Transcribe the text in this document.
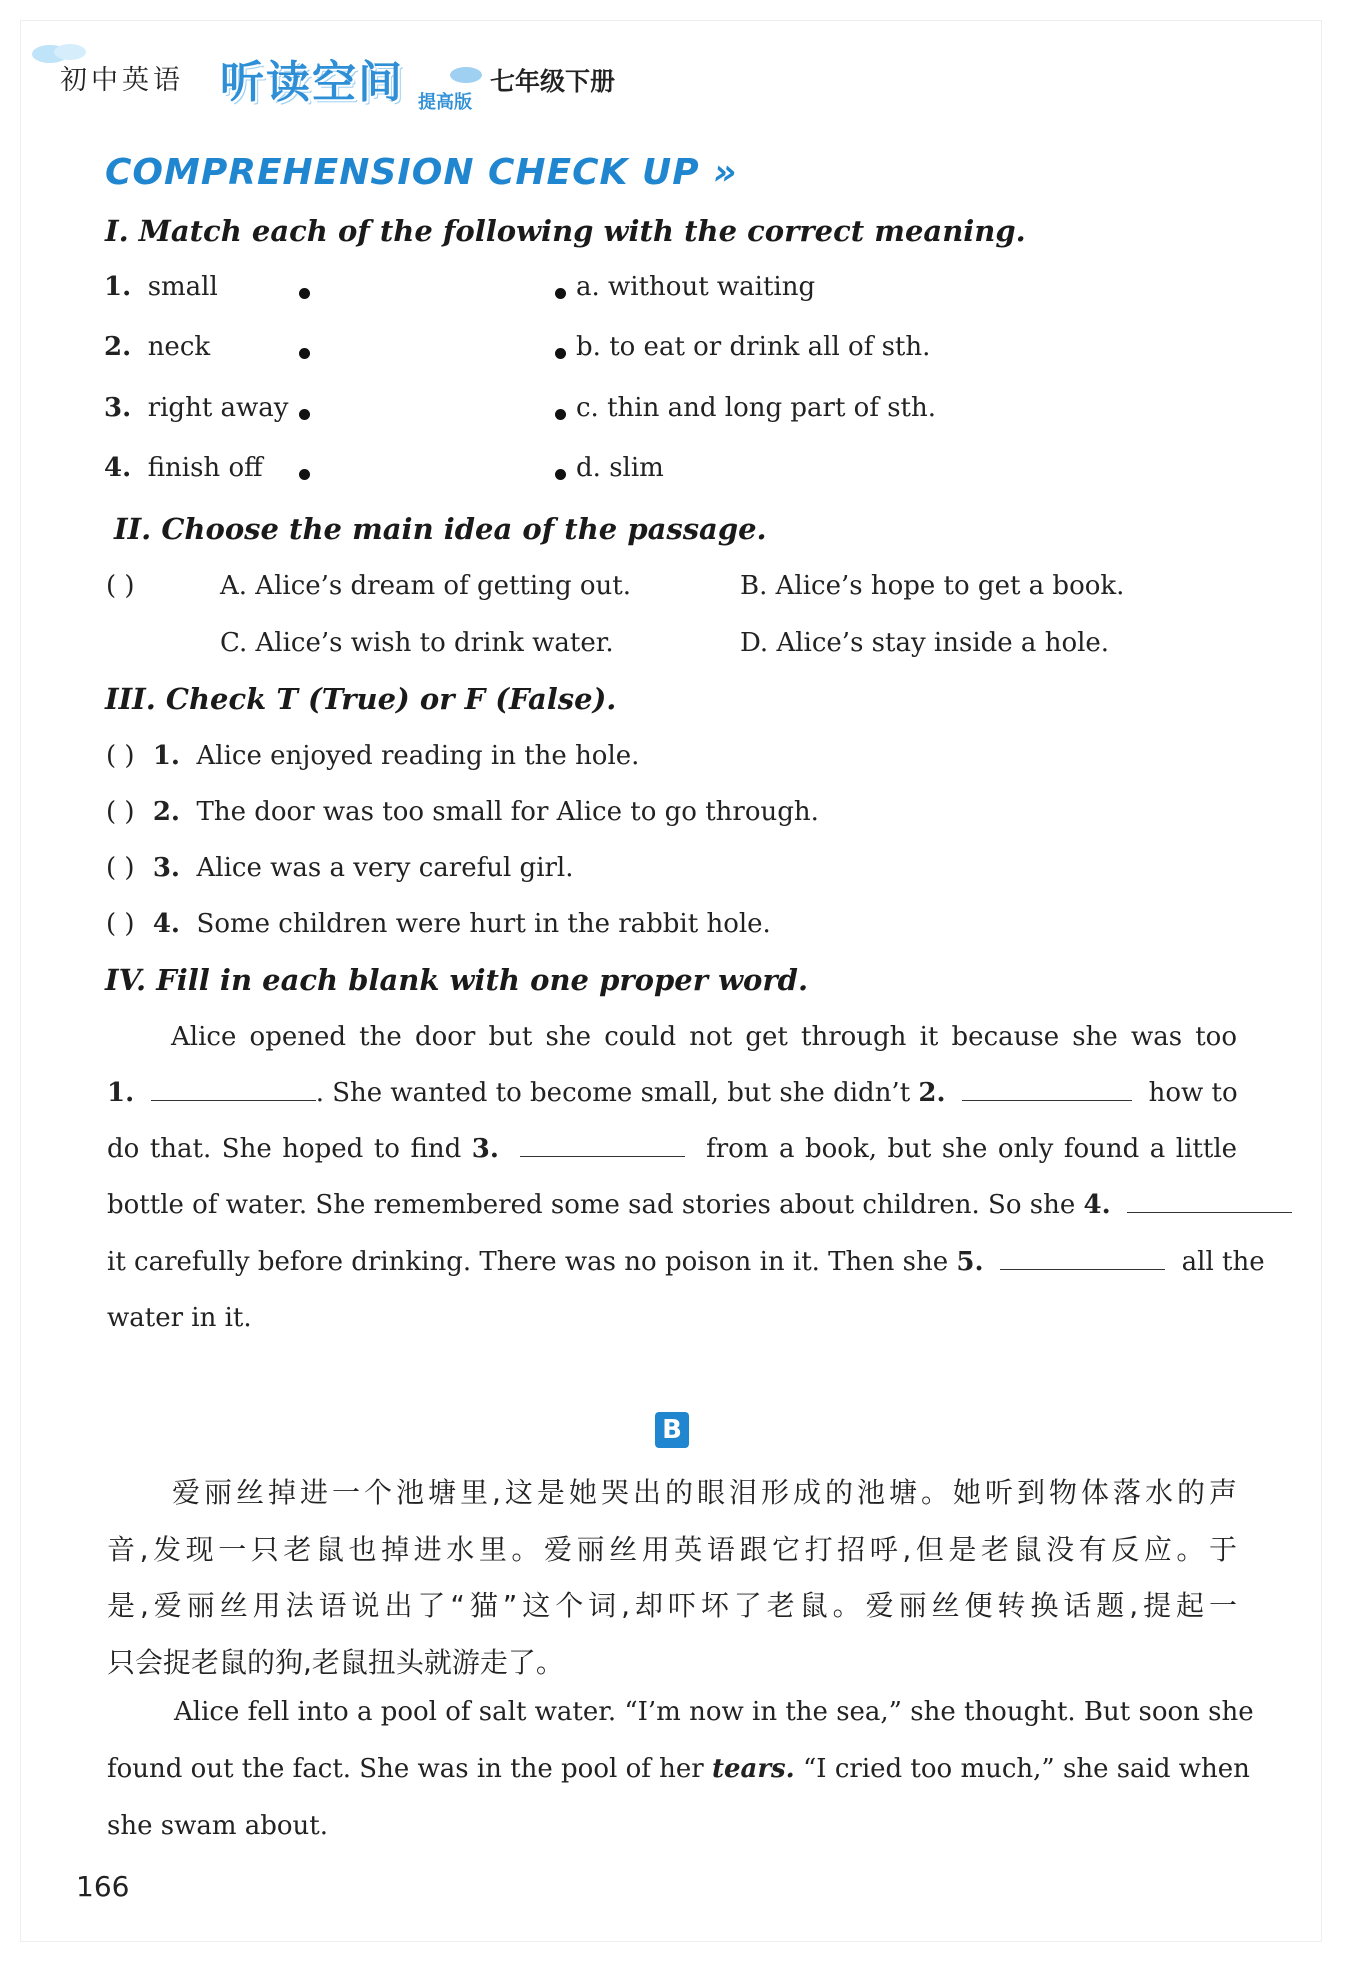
初中英语 听读空间 提高版
七年级下册
COMPREHENSION CHECK UP »
I. Match each of the following with the correct meaning.
1. small	a. without waiting
2. neck	b. to eat or drink all of sth.
3. right away	c. thin and long part of sth.
4. finish off	d. slim
II. Choose the main idea of the passage.
( )	A. Alice’s dream of getting out.	B. Alice’s hope to get a book.
C. Alice’s wish to drink water.	D. Alice’s stay inside a hole.
III. Check T (True) or F (False).
( ) 1. Alice enjoyed reading in the hole.
( ) 2. The door was too small for Alice to go through.
( ) 3. Alice was a very careful girl.
( ) 4. Some children were hurt in the rabbit hole.
IV. Fill in each blank with one proper word.
Alice opened the door but she could not get through it because she was too
1.	. She wanted to become small, but she didn’t 2.	how to
do that. She hoped to find 3.	from a book, but she only found a little
bottle of water. She remembered some sad stories about children. So she 4.
it carefully before drinking. There was no poison in it. Then she 5.	all the
water in it.
B
爱丽丝掉进一个池塘里,这是她哭出的眼泪形成的池塘。她听到物体落水的声
音,发现一只老鼠也掉进水里。爱丽丝用英语跟它打招呼,但是老鼠没有反应。于
是,爱丽丝用法语说出了“猫”这个词,却吓坏了老鼠。爱丽丝便转换话题,提起一
只会捉老鼠的狗,老鼠扭头就游走了。
Alice fell into a pool of salt water. “I’m now in the sea,” she thought. But soon she
found out the fact. She was in the pool of her tears. “I cried too much,” she said when
she swam about.
166
